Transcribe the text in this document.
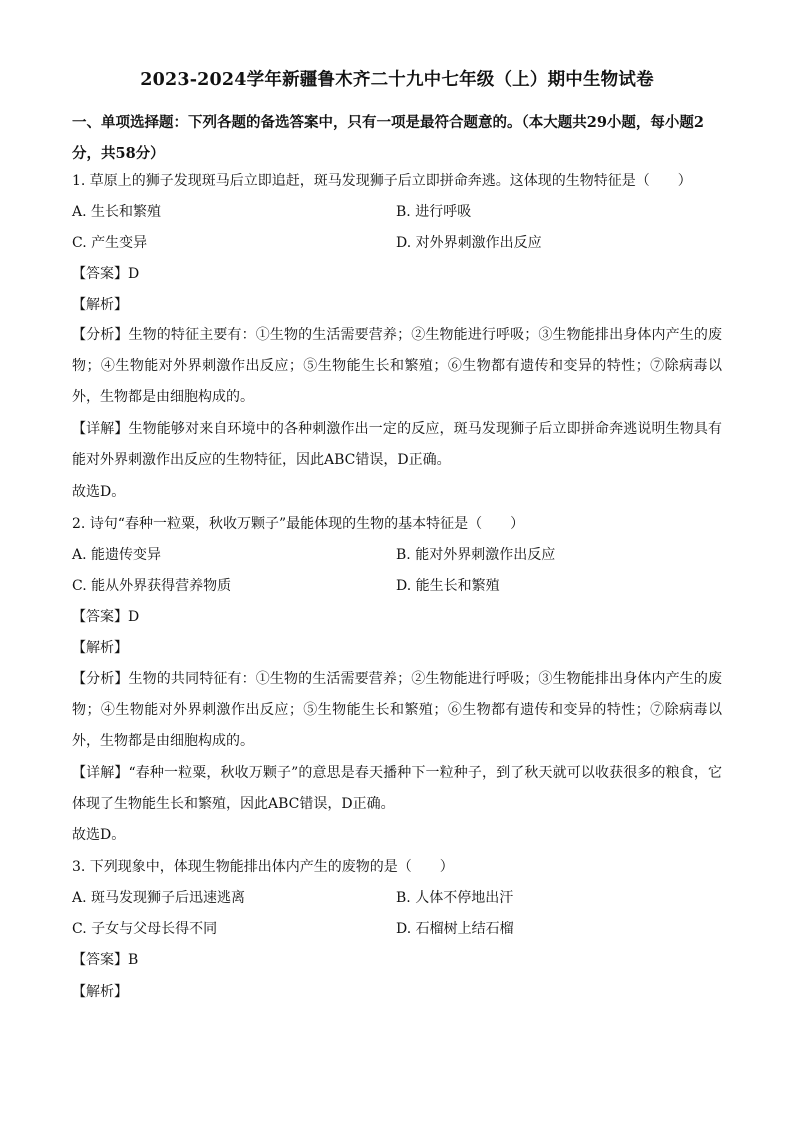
2023-2024学年新疆鲁木齐二十九中七年级（上）期中生物试卷
一、单项选择题：下列各题的备选答案中，只有一项是最符合题意的。（本大题共29小题，每小题2分，共58分）
1. 草原上的狮子发现斑马后立即追赶，斑马发现狮子后立即拼命奔逃。这体现的生物特征是（　　）
A. 生长和繁殖	B. 进行呼吸
C. 产生变异	D. 对外界刺激作出反应
【答案】D
【解析】
【分析】生物的特征主要有：①生物的生活需要营养；②生物能进行呼吸；③生物能排出身体内产生的废物；④生物能对外界刺激作出反应；⑤生物能生长和繁殖；⑥生物都有遗传和变异的特性；⑦除病毒以外，生物都是由细胞构成的。
【详解】生物能够对来自环境中的各种刺激作出一定的反应，斑马发现狮子后立即拼命奔逃说明生物具有能对外界刺激作出反应的生物特征，因此ABC错误，D正确。
故选D。
2. 诗句“春种一粒粟，秋收万颗子”最能体现的生物的基本特征是（　　）
A. 能遗传变异	B. 能对外界刺激作出反应
C. 能从外界获得营养物质	D. 能生长和繁殖
【答案】D
【解析】
【分析】生物的共同特征有：①生物的生活需要营养；②生物能进行呼吸；③生物能排出身体内产生的废物；④生物能对外界刺激作出反应；⑤生物能生长和繁殖；⑥生物都有遗传和变异的特性；⑦除病毒以外，生物都是由细胞构成的。
【详解】“春种一粒粟，秋收万颗子”的意思是春天播种下一粒种子，到了秋天就可以收获很多的粮食，它体现了生物能生长和繁殖，因此ABC错误，D正确。
故选D。
3. 下列现象中，体现生物能排出体内产生的废物的是（　　）
A. 斑马发现狮子后迅速逃离	B. 人体不停地出汗
C. 子女与父母长得不同	D. 石榴树上结石榴
【答案】B
【解析】
